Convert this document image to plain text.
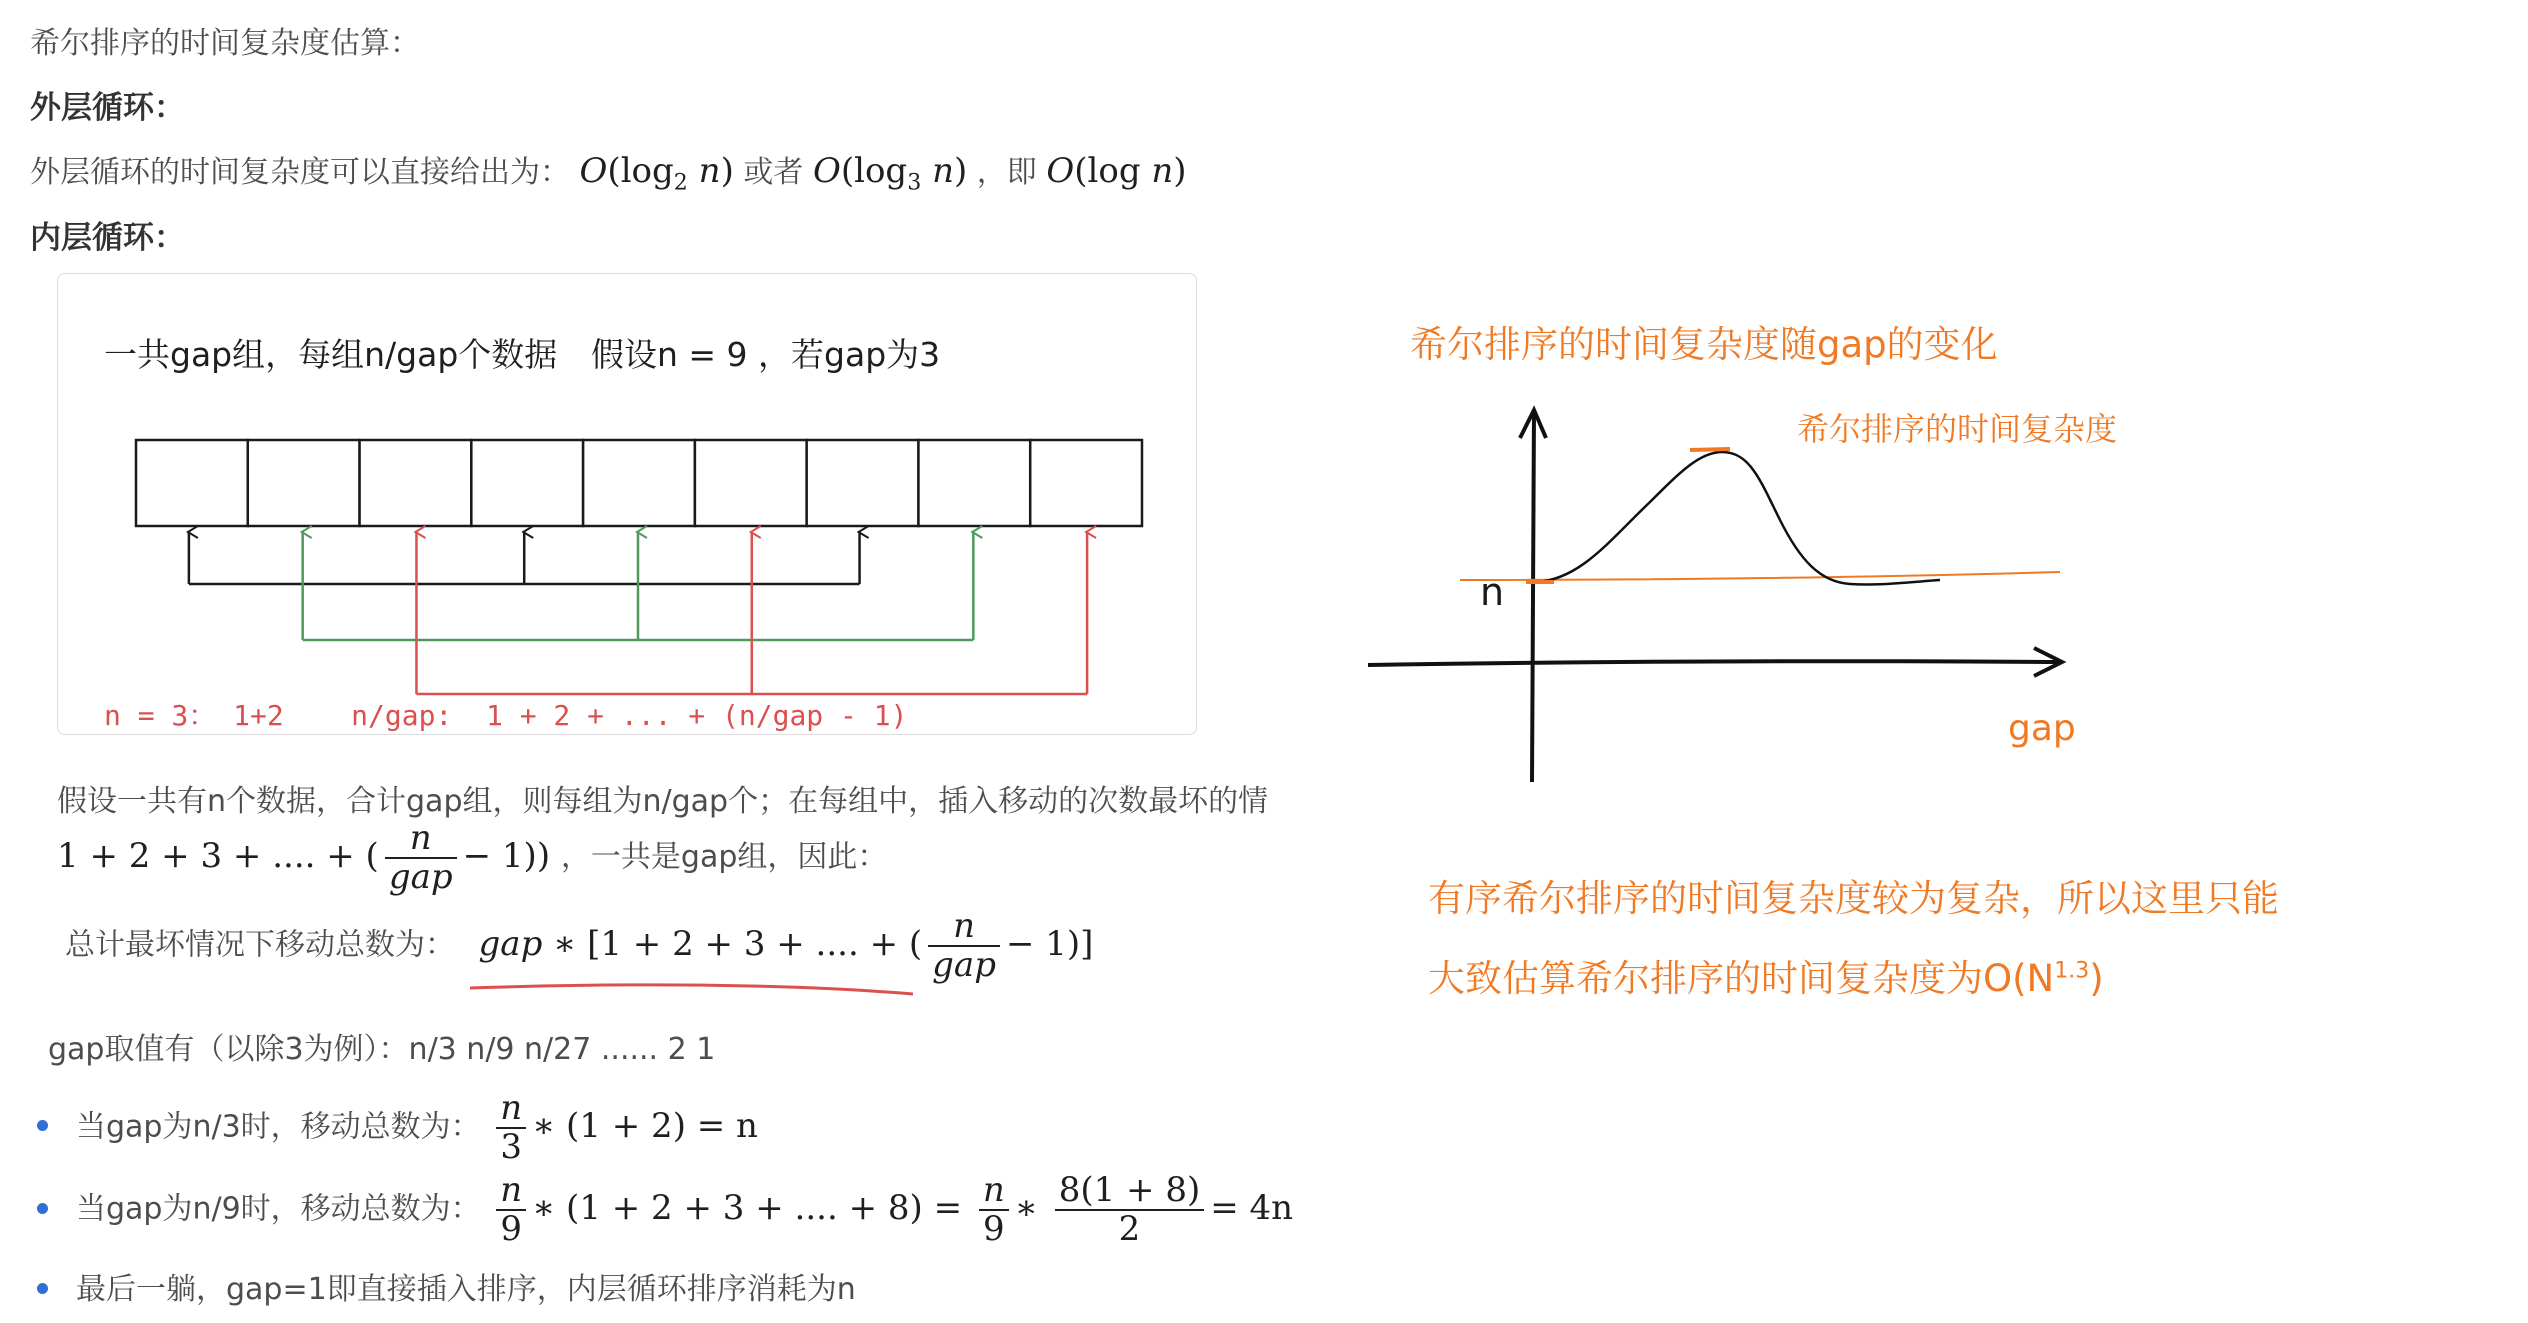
希尔排序的时间复杂度估算：
外层循环：
外层循环的时间复杂度可以直接给出为： $O(\log_2$ n) 或者 $O(\log_3$ n) ，即 O(log n)
内层循环：
一共gap组，每组n/gap个数据 假设n = 9 ，若gap为3
n = 3： 1+2    n/gap:  1 + 2 + ... + (n/gap - 1)
假设一共有n个数据，合计gap组，则每组为n/gap个；在每组中，插入移动的次数最坏的情
1 + 2 + 3 + .... + ( $\frac{n}{\text{gap}} - 1$)) ，一共是gap组，因此：
总计最坏情况下移动总数为： gap ∗ [1 + 2 + 3 + .... + ( $\frac{n}{\text{gap}} - 1$)]
gap取值有（以除3为例）：n/3 n/9 n/27 ...... 2 1
当gap为n/3时，移动总数为： $\frac{n}{3}$ ∗ (1 + 2) = n
当gap为n/9时，移动总数为： $\frac{n}{9}$ ∗ (1 + 2 + 3 + .... + $8) = \frac{n}{9}$ ∗ $\frac{8(1 + 8)}{2} = 4n$
最后一躺，gap=1即直接插入排序，内层循环排序消耗为n
希尔排序的时间复杂度随gap的变化
希尔排序的时间复杂度
n
gap
有序希尔排序的时间复杂度较为复杂，所以这里只能
大致估算希尔排序的时间复杂度为$O(N^{1.3})$
